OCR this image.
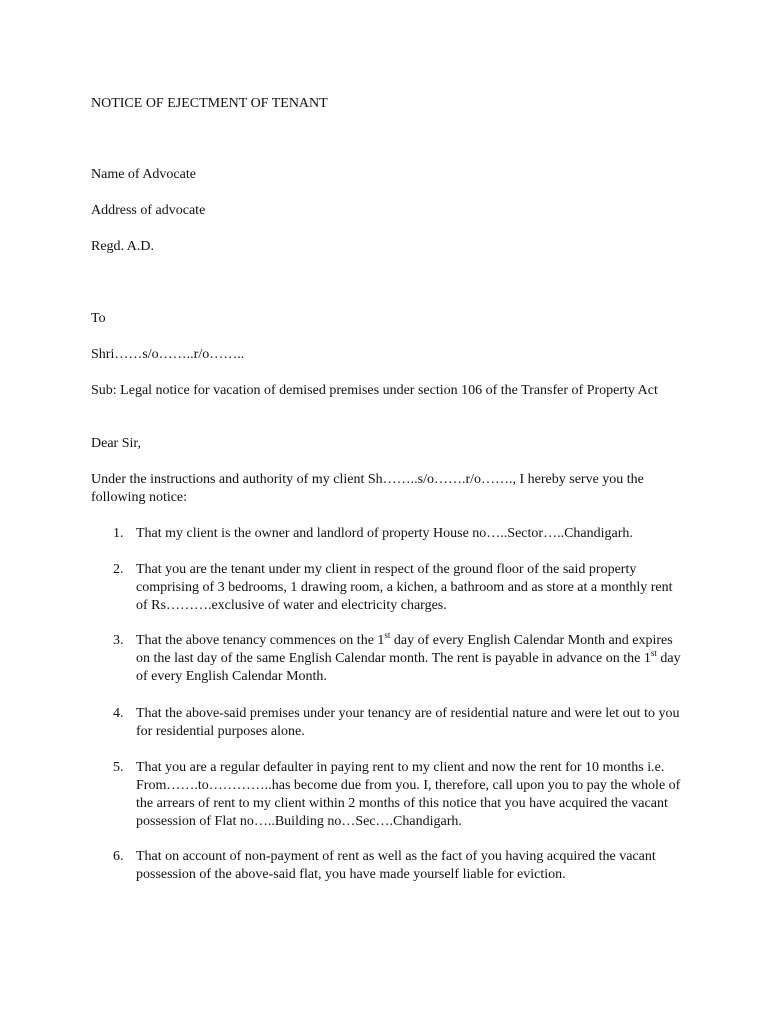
NOTICE OF EJECTMENT OF TENANT
Name of Advocate
Address of advocate
Regd. A.D.
To
Shri……s/o……..r/o……..
Sub: Legal notice for vacation of demised premises under section 106 of the Transfer of Property Act
Dear Sir,
Under the instructions and authority of my client Sh……..s/o…….r/o……., I hereby serve you the following notice:
1. That my client is the owner and landlord of property House no…..Sector…..Chandigarh.
2. That you are the tenant under my client in respect of the ground floor of the said property comprising of 3 bedrooms, 1 drawing room, a kichen, a bathroom and as store at a monthly rent of Rs……….exclusive of water and electricity charges.
3. That the above tenancy commences on the 1st day of every English Calendar Month and expires on the last day of the same English Calendar month. The rent is payable in advance on the 1st day of every English Calendar Month.
4. That the above-said premises under your tenancy are of residential nature and were let out to you for residential purposes alone.
5. That you are a regular defaulter in paying rent to my client and now the rent for 10 months i.e. From…….to…………..has become due from you. I, therefore, call upon you to pay the whole of the arrears of rent to my client within 2 months of this notice that you have acquired the vacant possession of Flat no…..Building no…Sec….Chandigarh.
6. That on account of non-payment of rent as well as the fact of you having acquired the vacant possession of the above-said flat, you have made yourself liable for eviction.
